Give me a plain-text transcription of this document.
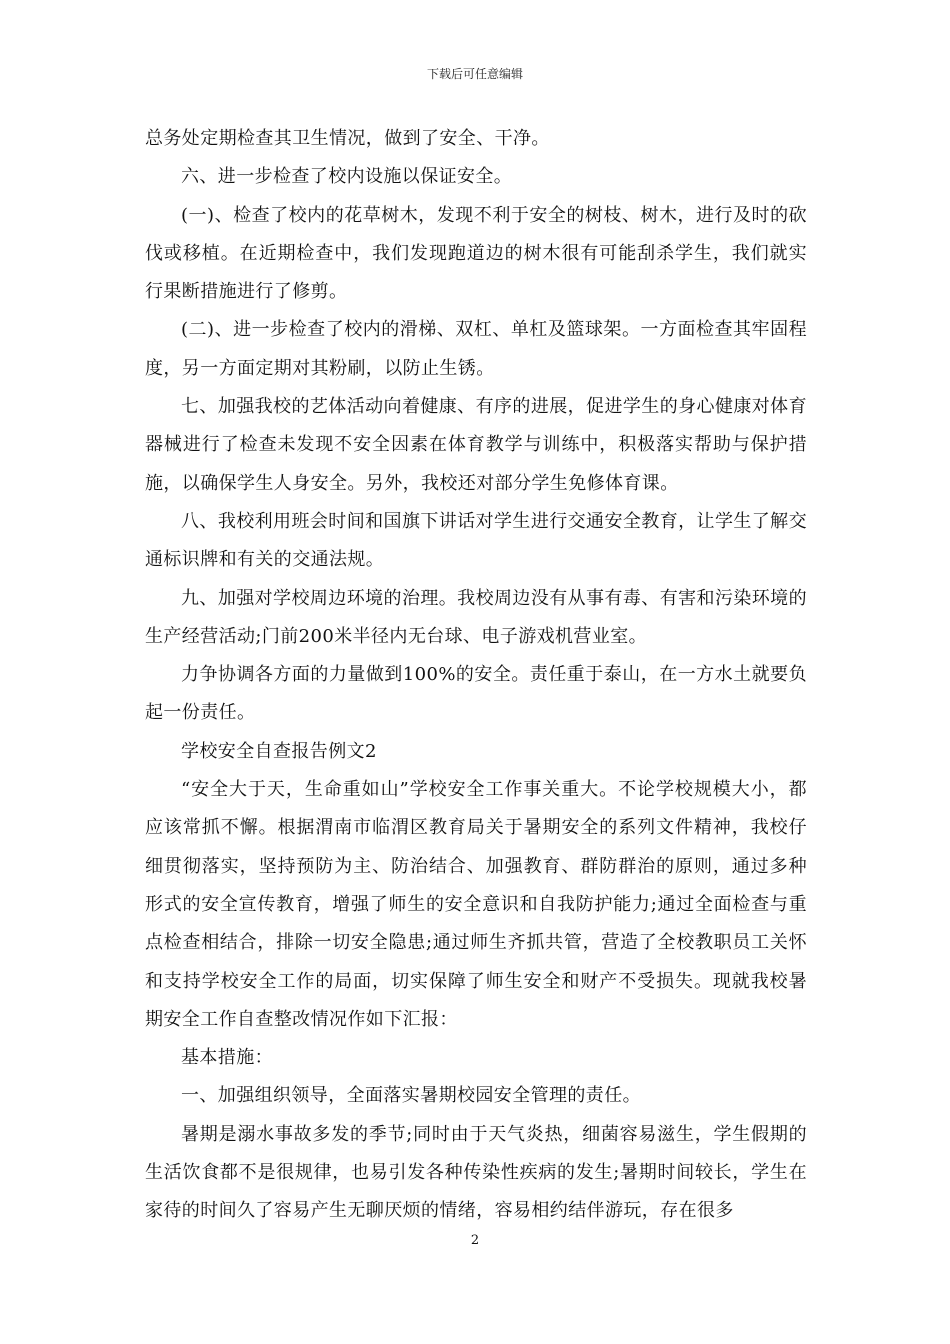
下载后可任意编辑

总务处定期检查其卫生情况，做到了安全、干净。

六、进一步检查了校内设施以保证安全。

(一)、检查了校内的花草树木，发现不利于安全的树枝、树木，进行及时的砍伐或移植。在近期检查中，我们发现跑道边的树木很有可能刮杀学生，我们就实行果断措施进行了修剪。

(二)、进一步检查了校内的滑梯、双杠、单杠及篮球架。一方面检查其牢固程度，另一方面定期对其粉刷，以防止生锈。

七、加强我校的艺体活动向着健康、有序的进展，促进学生的身心健康对体育器械进行了检查未发现不安全因素在体育教学与训练中，积极落实帮助与保护措施，以确保学生人身安全。另外，我校还对部分学生免修体育课。

八、我校利用班会时间和国旗下讲话对学生进行交通安全教育，让学生了解交通标识牌和有关的交通法规。

九、加强对学校周边环境的治理。我校周边没有从事有毒、有害和污染环境的生产经营活动;门前200米半径内无台球、电子游戏机营业室。

力争协调各方面的力量做到100%的安全。责任重于泰山，在一方水土就要负起一份责任。

学校安全自查报告例文2

“安全大于天，生命重如山”学校安全工作事关重大。不论学校规模大小，都应该常抓不懈。根据渭南市临渭区教育局关于暑期安全的系列文件精神，我校仔细贯彻落实，坚持预防为主、防治结合、加强教育、群防群治的原则，通过多种形式的安全宣传教育，增强了师生的安全意识和自我防护能力;通过全面检查与重点检查相结合，排除一切安全隐患;通过师生齐抓共管，营造了全校教职员工关怀和支持学校安全工作的局面，切实保障了师生安全和财产不受损失。现就我校暑期安全工作自查整改情况作如下汇报：

基本措施：

一、加强组织领导，全面落实暑期校园安全管理的责任。

暑期是溺水事故多发的季节;同时由于天气炎热，细菌容易滋生，学生假期的生活饮食都不是很规律，也易引发各种传染性疾病的发生;暑期时间较长，学生在家待的时间久了容易产生无聊厌烦的情绪，容易相约结伴游玩，存在很多

2
